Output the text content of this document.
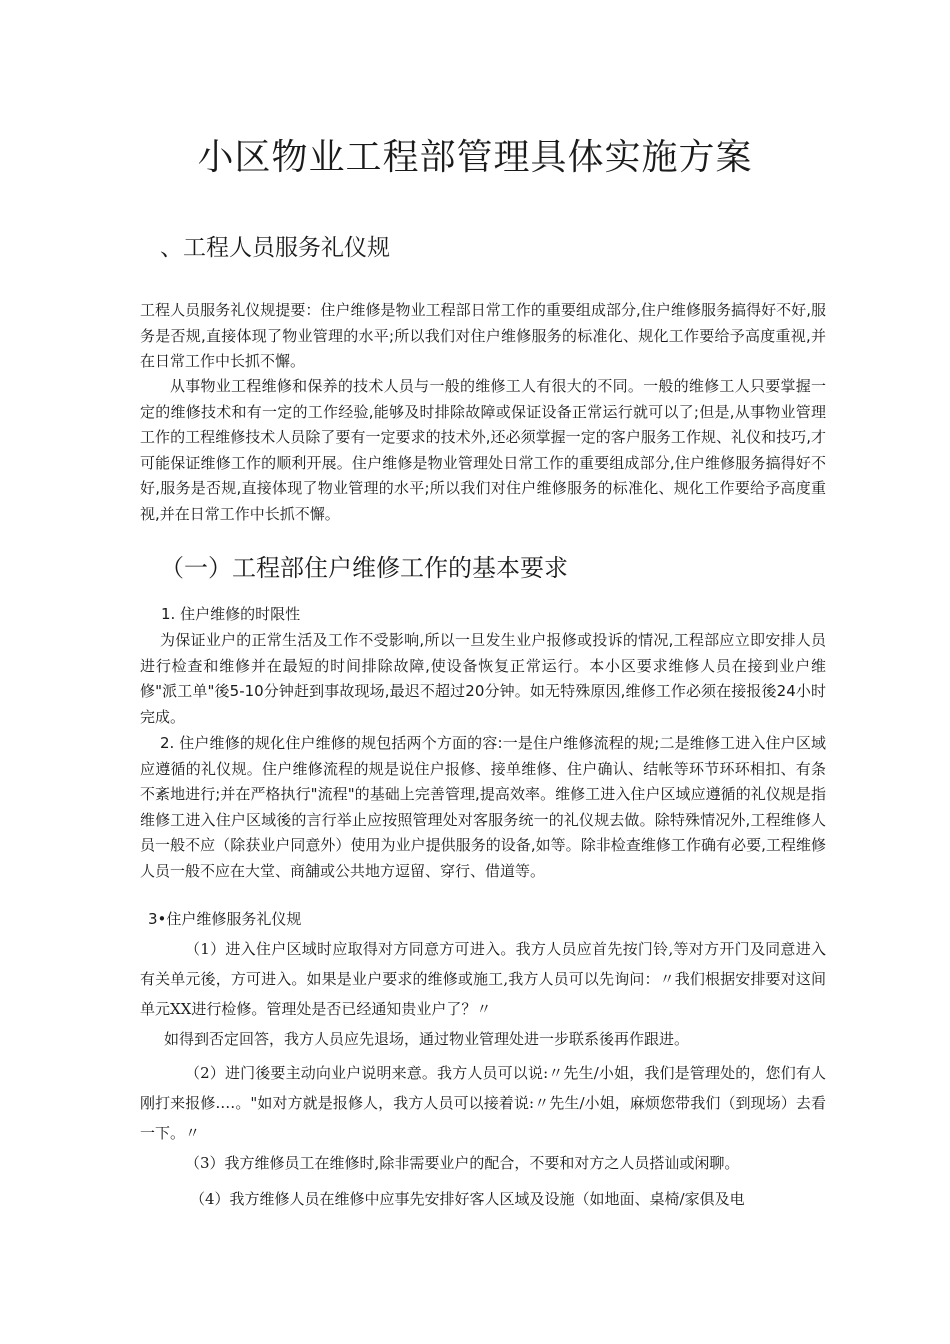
小区物业工程部管理具体实施方案
、工程人员服务礼仪规

工程人员服务礼仪规提要：住户维修是物业工程部日常工作的重要组成部分,住户维修服务搞得好不好,服务是否规,直接体现了物业管理的水平;所以我们对住户维修服务的标准化、规化工作要给予高度重视,并在日常工作中长抓不懈。

从事物业工程维修和保养的技术人员与一般的维修工人有很大的不同。一般的维修工人只要掌握一定的维修技术和有一定的工作经验,能够及时排除故障或保证设备正常运行就可以了;但是,从事物业管理工作的工程维修技术人员除了要有一定要求的技术外,还必须掌握一定的客户服务工作规、礼仪和技巧,才可能保证维修工作的顺利开展。住户维修是物业管理处日常工作的重要组成部分,住户维修服务搞得好不好,服务是否规,直接体现了物业管理的水平;所以我们对住户维修服务的标准化、规化工作要给予高度重视,并在日常工作中长抓不懈。

（一）工程部住户维修工作的基本要求

1. 住户维修的时限性

为保证业户的正常生活及工作不受影响,所以一旦发生业户报修或投诉的情况,工程部应立即安排人员进行检查和维修并在最短的时间排除故障,使设备恢复正常运行。本小区要求维修人员在接到业户维修"派工单"後5-10分钟赶到事故现场,最迟不超过20分钟。如无特殊原因,维修工作必须在接报後24小时完成。

2. 住户维修的规化住户维修的规包括两个方面的容:一是住户维修流程的规;二是维修工进入住户区域应遵循的礼仪规。住户维修流程的规是说住户报修、接单维修、住户确认、结帐等环节环环相扣、有条不紊地进行;并在严格执行"流程"的基础上完善管理,提高效率。维修工进入住户区域应遵循的礼仪规是指维修工进入住户区域後的言行举止应按照管理处对客服务统一的礼仪规去做。除特殊情况外,工程维修人员一般不应（除获业户同意外）使用为业户提供服务的设备,如等。除非检查维修工作确有必要,工程维修人员一般不应在大堂、商舖或公共地方逗留、穿行、借道等。

3•住户维修服务礼仪规

（1）进入住户区域时应取得对方同意方可进入。我方人员应首先按门铃,等对方开门及同意进入有关单元後，方可进入。如果是业户要求的维修或施工,我方人员可以先询问：〃我们根据安排要对这间单元XX进行检修。管理处是否已经通知贵业户了？〃

如得到否定回答，我方人员应先退场，通过物业管理处进一步联系後再作跟进。

（2）进门後要主动向业户说明来意。我方人员可以说:〃先生/小姐，我们是管理处的，您们有人刚打来报修.…。"如对方就是报修人，我方人员可以接着说:〃先生/小姐，麻烦您带我们（到现场）去看一下。〃

（3）我方维修员工在维修时,除非需要业户的配合，不要和对方之人员搭讪或闲聊。

（4）我方维修人员在维修中应事先安排好客人区域及设施（如地面、桌椅/家俱及电
